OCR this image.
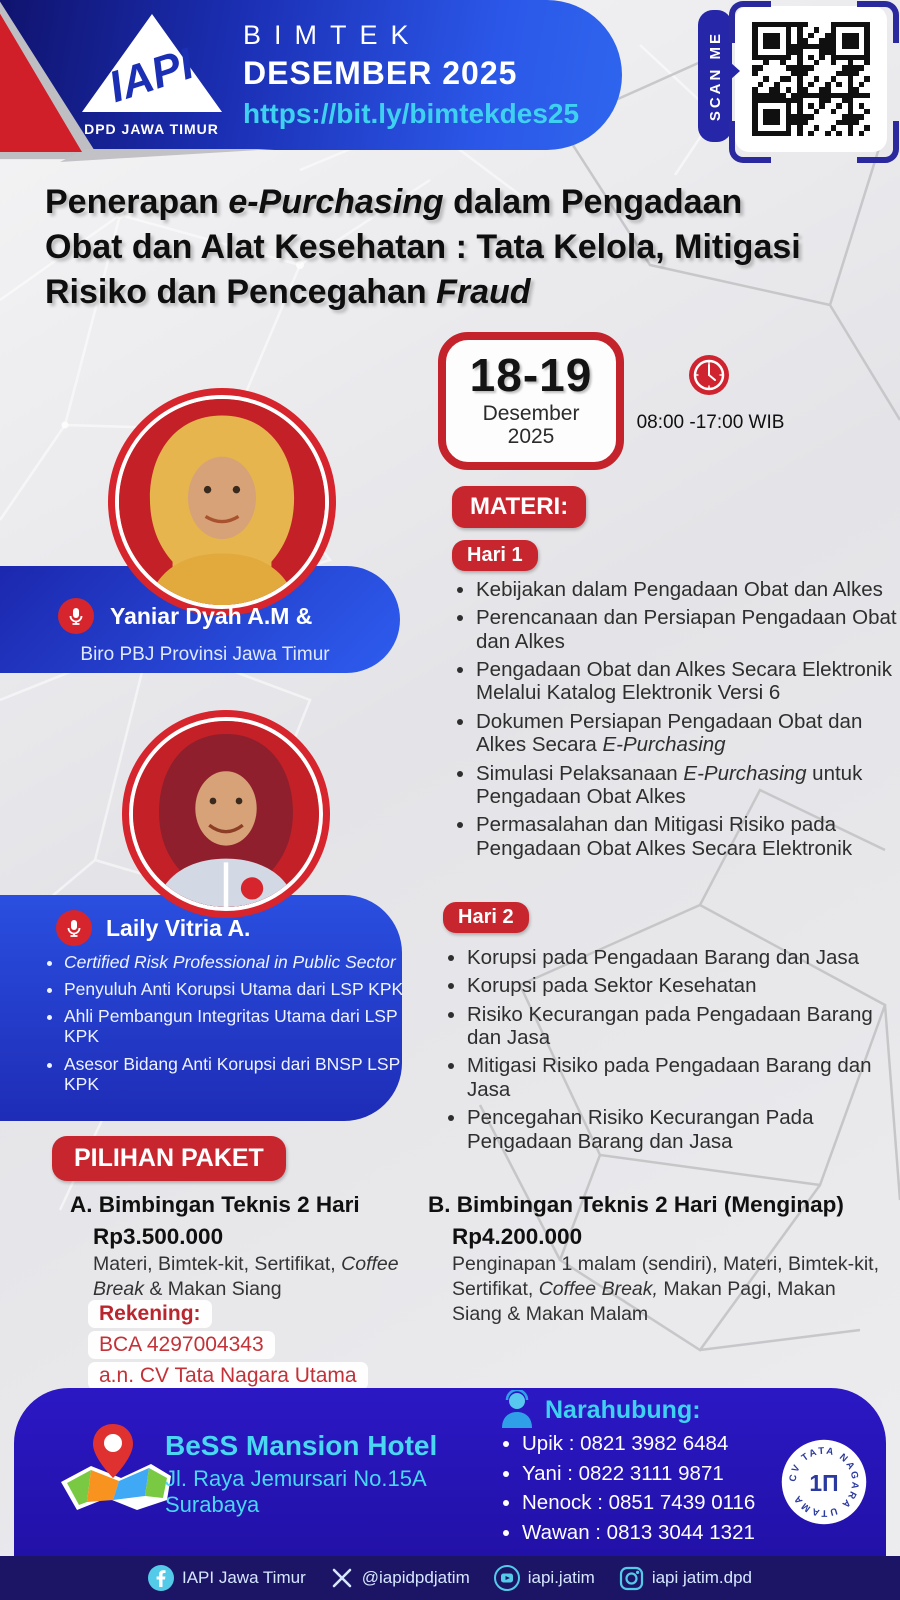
IAPI
DPD JAWA TIMUR
BIMTEK
DESEMBER 2025
https://bit.ly/bimtekdes25	SCAN ME
Penerapan e-Purchasing dalam Pengadaan Obat dan Alat Kesehatan : Tata Kelola, Mitigasi Risiko dan Pencegahan Fraud
18-19
Desember
2025
08:00 -17:00 WIB
Yaniar Dyah A.M &
Biro PBJ Provinsi Jawa Timur
MATERI:
Hari 1
• Kebijakan dalam Pengadaan Obat dan Alkes
• Perencanaan dan Persiapan Pengadaan Obat dan Alkes
• Pengadaan Obat dan Alkes Secara Elektronik Melalui Katalog Elektronik Versi 6
• Dokumen Persiapan Pengadaan Obat dan Alkes Secara E-Purchasing
• Simulasi Pelaksanaan E-Purchasing untuk Pengadaan Obat Alkes
• Permasalahan dan Mitigasi Risiko pada Pengadaan Obat Alkes Secara Elektronik
Laily Vitria A.
• Certified Risk Professional in Public Sector
• Penyuluh Anti Korupsi Utama dari LSP KPK
• Ahli Pembangun Integritas Utama dari LSP KPK
• Asesor Bidang Anti Korupsi dari BNSP LSP KPK
Hari 2
• Korupsi pada Pengadaan Barang dan Jasa
• Korupsi pada Sektor Kesehatan
• Risiko Kecurangan pada Pengadaan Barang dan Jasa
• Mitigasi Risiko pada Pengadaan Barang dan Jasa
• Pencegahan Risiko Kecurangan Pada Pengadaan Barang dan Jasa
PILIHAN PAKET
A. Bimbingan Teknis 2 Hari
Rp3.500.000
Materi, Bimtek-kit, Sertifikat, Coffee Break & Makan Siang
B. Bimbingan Teknis 2 Hari (Menginap)
Rp4.200.000
Penginapan 1 malam (sendiri), Materi, Bimtek-kit, Sertifikat, Coffee Break, Makan Pagi, Makan Siang & Makan Malam
Rekening:
BCA 4297004343
a.n. CV Tata Nagara Utama
BeSS Mansion Hotel
Jl. Raya Jemursari No.15A
Surabaya
Narahubung:
• Upik : 0821 3982 6484
• Yani : 0822 3111 9871
• Nenock : 0851 7439 0116
• Wawan : 0813 3044 1321
CV TATA NAGARA UTAMA
1П
IAPI Jawa Timur	@iapidpdjatim	iapi.jatim	iapi jatim.dpd
